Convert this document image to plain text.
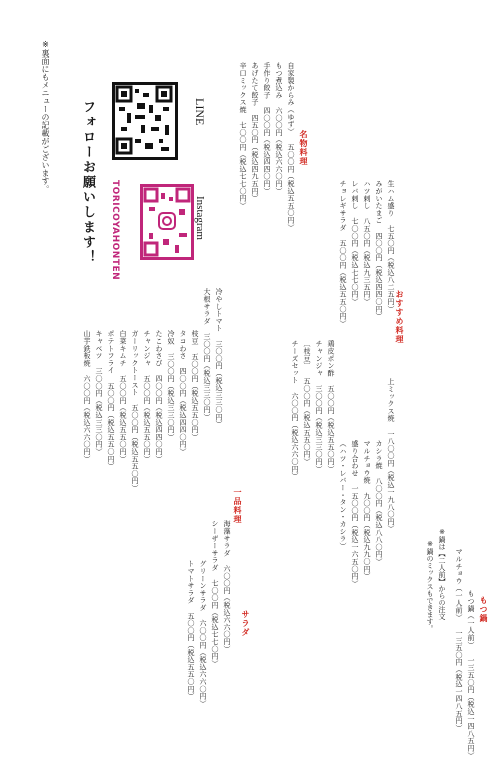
もつ鍋
もつ鍋（一人前） 一三五〇円（税込一四八五円）
マルチョウ（一人前） 一三五〇円（税込一四八五円）
※鍋は【二人前】からの注文
※鍋のミックスもできます。
上ミックス焼 一八〇〇円（税込一九八〇円）
カシラ焼 八〇〇円（税込八八〇円）
マルチョウ焼 九〇〇円（税込九九〇円）
盛り合わせ 一五〇〇円（税込一六五〇円）
（ハツ・レバー・タン・カシラ）
鶏皮ポン酢 五〇〇円（税込五五〇円）
チャンジャ 三〇〇円（税込三三〇円）
〔枝豆〕 五〇〇円（税込五五〇円）
チーズセット 六〇〇円（税込六六〇円）
おすすめ料理
生ハム盛り 七五〇円（税込八二五円）
みがいたまご 四〇〇円（税込四四〇円）
ハツ刺し 八五〇円（税込九三五円）
レバ刺し 七〇〇円（税込七七〇円）
チョレギサラダ 五〇〇円（税込五五〇円）
名物料理
自家製からみ（ゆず） 五〇〇円（税込五五〇円）
もつ煮込み 六〇〇円（税込六六〇円）
手作り餃子 四〇〇円（税込四四〇円）
あげたて餃子 四五〇円（税込四九五円）
辛口ミックス焼 七〇〇円（税込七七〇円）
一品料理
冷やしトマト 三〇〇円（税込三三〇円）
大根サラダ 三〇〇円（税込三三〇円）
枝豆 五〇〇円（税込五五〇円）
タコわさ 四〇〇円（税込四四〇円）
冷奴 三〇〇円（税込三三〇円）
たこわさび 四〇〇円（税込四四〇円）
チャンジャ 五〇〇円（税込五五〇円）
ガーリックトースト 五〇〇円（税込五五〇円）
白菜キムチ 五〇〇円（税込五五〇円）
ポテトフライ 五〇〇円（税込五五〇円）
キャベツ 三〇〇円（税込三三〇円）
山芋鉄板焼 六〇〇円（税込六六〇円）
サラダ
海藻サラダ 六〇〇円（税込六六〇円）
シーザーサラダ 七〇〇円（税込七七〇円）
グリーンサラダ 六〇〇円（税込六六〇円）
トマトサラダ 五〇〇円（税込五五〇円）
※裏面にもメニューの記載がございます。	LINE
TORICOYAHONTEN	Instagram
フォローお願いします！
